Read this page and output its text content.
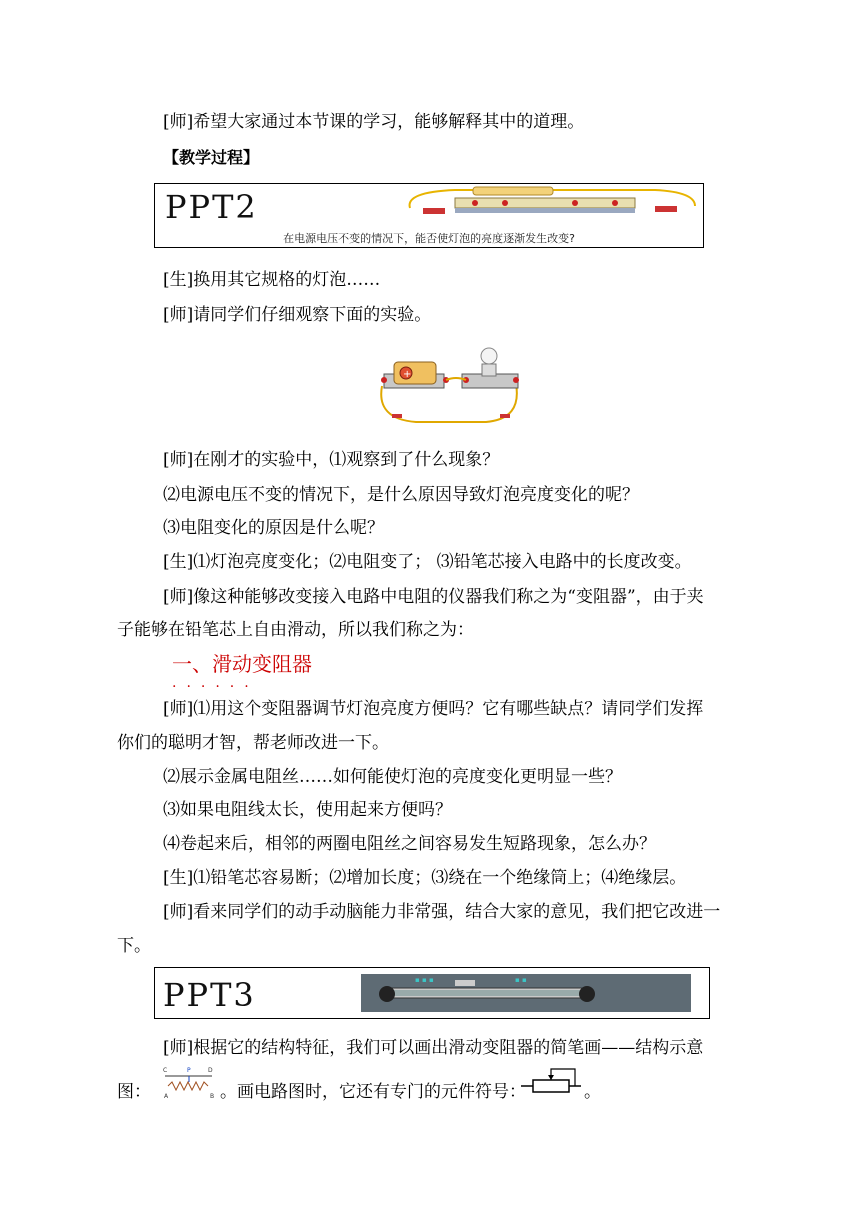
[师]希望大家通过本节课的学习，能够解释其中的道理。
【教学过程】
PPT2
在电源电压不变的情况下，能否使灯泡的亮度逐渐发生改变?
[生]换用其它规格的灯泡……
[师]请同学们仔细观察下面的实验。
+
[师]在刚才的实验中，⑴观察到了什么现象？
⑵电源电压不变的情况下，是什么原因导致灯泡亮度变化的呢？
⑶电阻变化的原因是什么呢？
[生]⑴灯泡亮度变化；⑵电阻变了； ⑶铅笔芯接入电路中的长度改变。
[师]像这种能够改变接入电路中电阻的仪器我们称之为“变阻器”，由于夹
子能够在铅笔芯上自由滑动，所以我们称之为：
一、滑动变阻器
......
[师]⑴用这个变阻器调节灯泡亮度方便吗？它有哪些缺点？请同学们发挥
你们的聪明才智，帮老师改进一下。
⑵展示金属电阻丝……如何能使灯泡的亮度变化更明显一些？
⑶如果电阻线太长，使用起来方便吗？
⑷卷起来后，相邻的两圈电阻丝之间容易发生短路现象，怎么办？
[生]⑴铅笔芯容易断；⑵增加长度；⑶绕在一个绝缘筒上；⑷绝缘层。
[师]看来同学们的动手动脑能力非常强，结合大家的意见，我们把它改进一
下。
PPT3	▪ ▪ ▪	▪ ▪
[师]根据它的结构特征，我们可以画出滑动变阻器的简笔画——结构示意
图：
C	P	D
A	B 。画电路图时，它还有专门的元件符号：	。
